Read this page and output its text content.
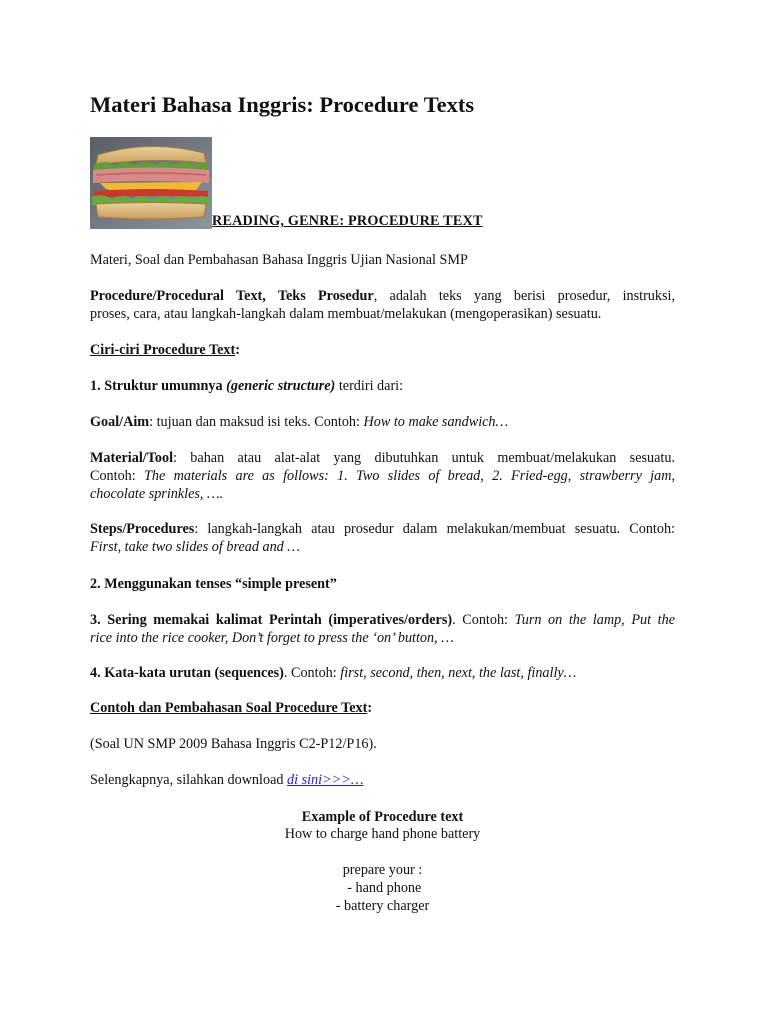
Materi Bahasa Inggris: Procedure Texts
READING, GENRE: PROCEDURE TEXT

Materi, Soal dan Pembahasan Bahasa Inggris Ujian Nasional SMP

Procedure/Procedural Text, Teks Prosedur, adalah teks yang berisi prosedur, instruksi,
proses, cara, atau langkah-langkah dalam membuat/melakukan (mengoperasikan) sesuatu.

Ciri-ciri Procedure Text:

1. Struktur umumnya (generic structure) terdiri dari:

Goal/Aim: tujuan dan maksud isi teks. Contoh: How to make sandwich…

Material/Tool: bahan atau alat-alat yang dibutuhkan untuk membuat/melakukan sesuatu.
Contoh: The materials are as follows: 1. Two slides of bread, 2. Fried-egg, strawberry jam,
chocolate sprinkles, ….
Steps/Procedures: langkah-langkah atau prosedur dalam melakukan/membuat sesuatu. Contoh:
First, take two slides of bread and …

2. Menggunakan tenses “simple present”

3. Sering memakai kalimat Perintah (imperatives/orders). Contoh: Turn on the lamp, Put the
rice into the rice cooker, Don’t forget to press the ‘on’ button, …

4. Kata-kata urutan (sequences). Contoh: first, second, then, next, the last, finally…

Contoh dan Pembahasan Soal Procedure Text:

(Soal UN SMP 2009 Bahasa Inggris C2-P12/P16).

Selengkapnya, silahkan download di sini>>>…

Example of Procedure text

How to charge hand phone battery

prepare your :

- hand phone

- battery charger
